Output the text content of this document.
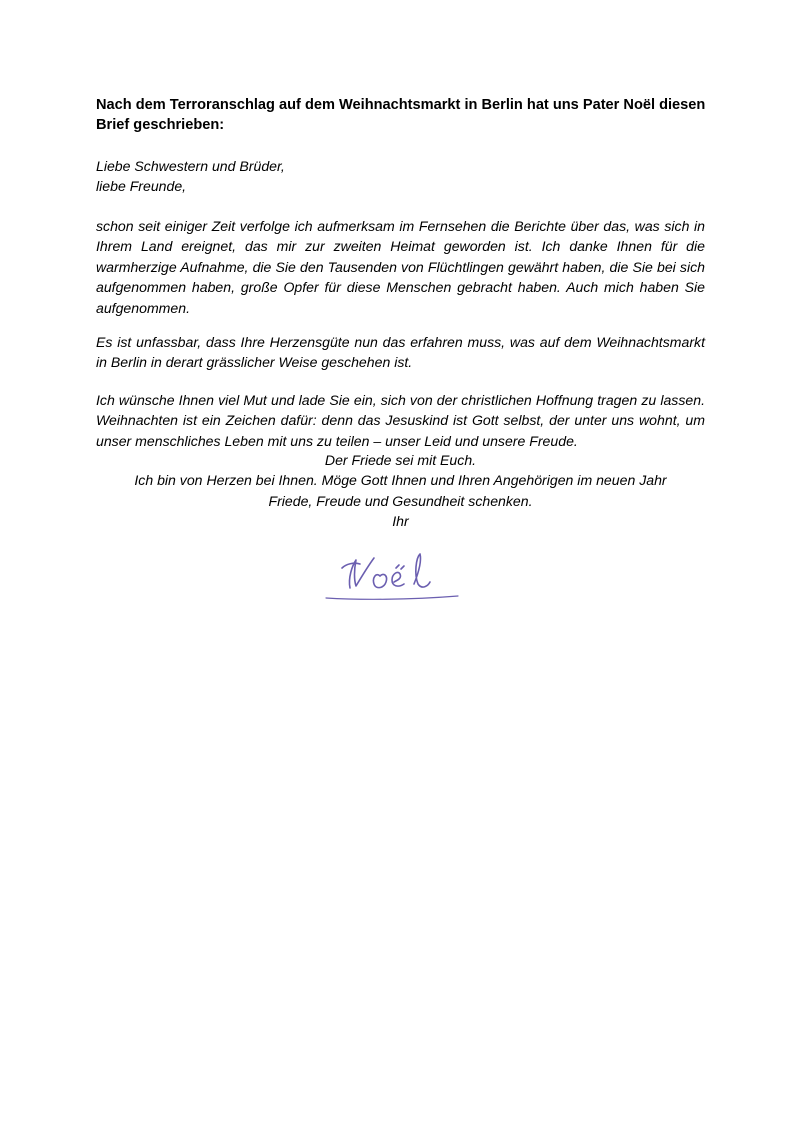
Nach dem Terroranschlag auf dem Weihnachtsmarkt in Berlin hat uns Pater Noël diesen Brief geschrieben:

Liebe Schwestern und Brüder,
liebe Freunde,

schon seit einiger Zeit verfolge ich aufmerksam im Fernsehen die Berichte über das, was sich in Ihrem Land ereignet, das mir zur zweiten Heimat geworden ist. Ich danke Ihnen für die warmherzige Aufnahme, die Sie den Tausenden von Flüchtlingen gewährt haben, die Sie bei sich aufgenommen haben, große Opfer für diese Menschen gebracht haben. Auch mich haben Sie aufgenommen.

Es ist unfassbar, dass Ihre Herzensgüte nun das erfahren muss, was auf dem Weihnachtsmarkt in Berlin in derart grässlicher Weise geschehen ist.

Ich wünsche Ihnen viel Mut und lade Sie ein, sich von der christlichen Hoffnung tragen zu lassen. Weihnachten ist ein Zeichen dafür: denn das Jesuskind ist Gott selbst, der unter uns wohnt, um unser menschliches Leben mit uns zu teilen – unser Leid und unsere Freude.

Der Friede sei mit Euch.
Ich bin von Herzen bei Ihnen. Möge Gott Ihnen und Ihren Angehörigen im neuen Jahr
Friede, Freude und Gesundheit schenken.
Ihr
